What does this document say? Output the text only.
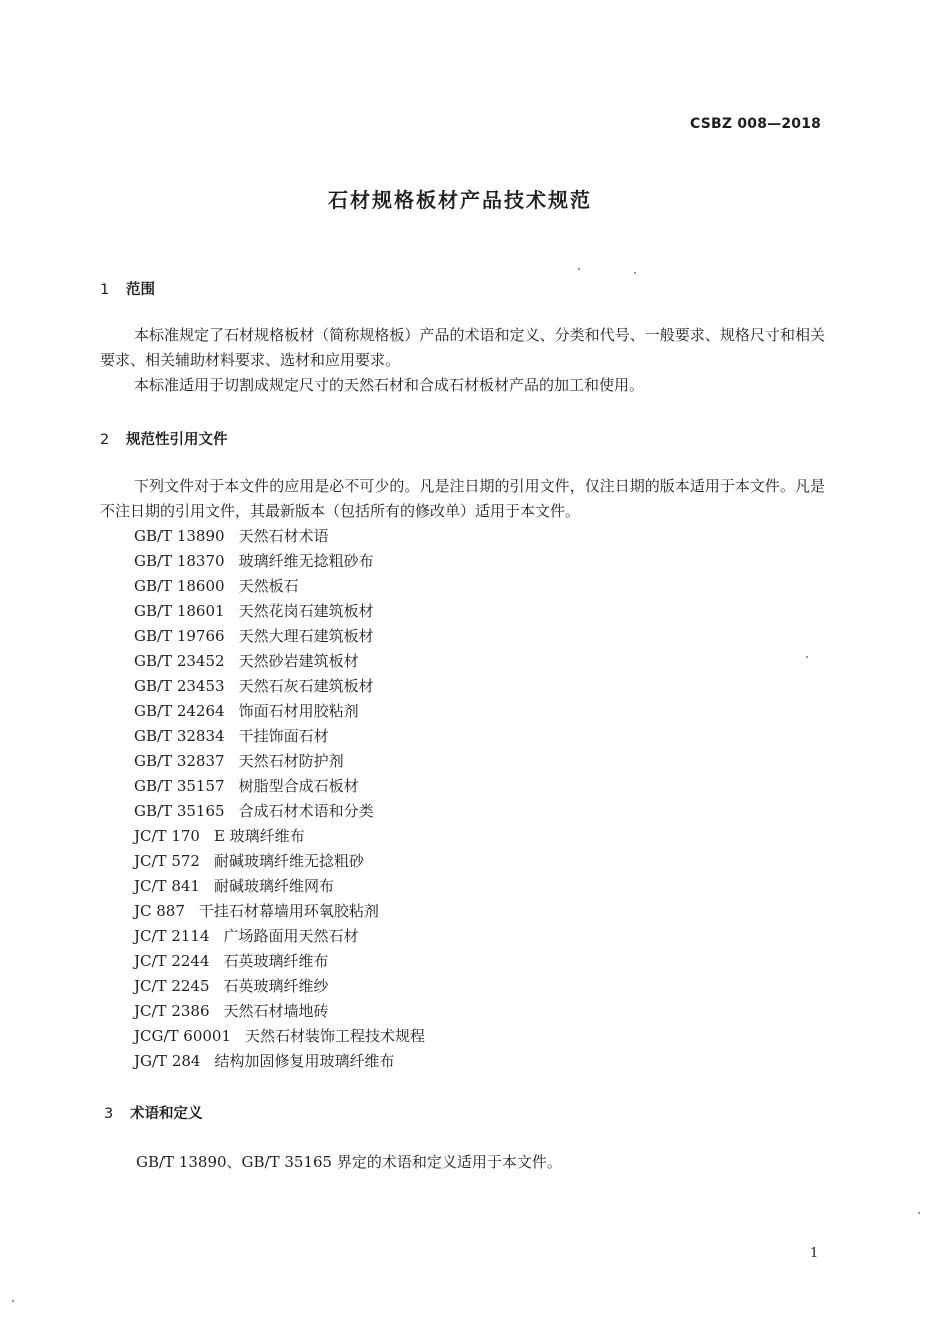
CSBZ 008—2018
石材规格板材产品技术规范
1 范围
本标准规定了石材规格板材（简称规格板）产品的术语和定义、分类和代号、一般要求、规格尺寸和相关要求、相关辅助材料要求、选材和应用要求。
本标准适用于切割成规定尺寸的天然石材和合成石材板材产品的加工和使用。
2 规范性引用文件
下列文件对于本文件的应用是必不可少的。凡是注日期的引用文件，仅注日期的版本适用于本文件。凡是不注日期的引用文件，其最新版本（包括所有的修改单）适用于本文件。
GB/T 13890 天然石材术语
GB/T 18370 玻璃纤维无捻粗砂布
GB/T 18600 天然板石
GB/T 18601 天然花岗石建筑板材
GB/T 19766 天然大理石建筑板材
GB/T 23452 天然砂岩建筑板材
GB/T 23453 天然石灰石建筑板材
GB/T 24264 饰面石材用胶粘剂
GB/T 32834 干挂饰面石材
GB/T 32837 天然石材防护剂
GB/T 35157 树脂型合成石板材
GB/T 35165 合成石材术语和分类
JC/T 170 E 玻璃纤维布
JC/T 572 耐碱玻璃纤维无捻粗砂
JC/T 841 耐碱玻璃纤维网布
JC 887 干挂石材幕墙用环氧胶粘剂
JC/T 2114 广场路面用天然石材
JC/T 2244 石英玻璃纤维布
JC/T 2245 石英玻璃纤维纱
JC/T 2386 天然石材墙地砖
JCG/T 60001 天然石材装饰工程技术规程
JG/T 284 结构加固修复用玻璃纤维布
3 术语和定义
GB/T 13890、GB/T 35165 界定的术语和定义适用于本文件。
1
